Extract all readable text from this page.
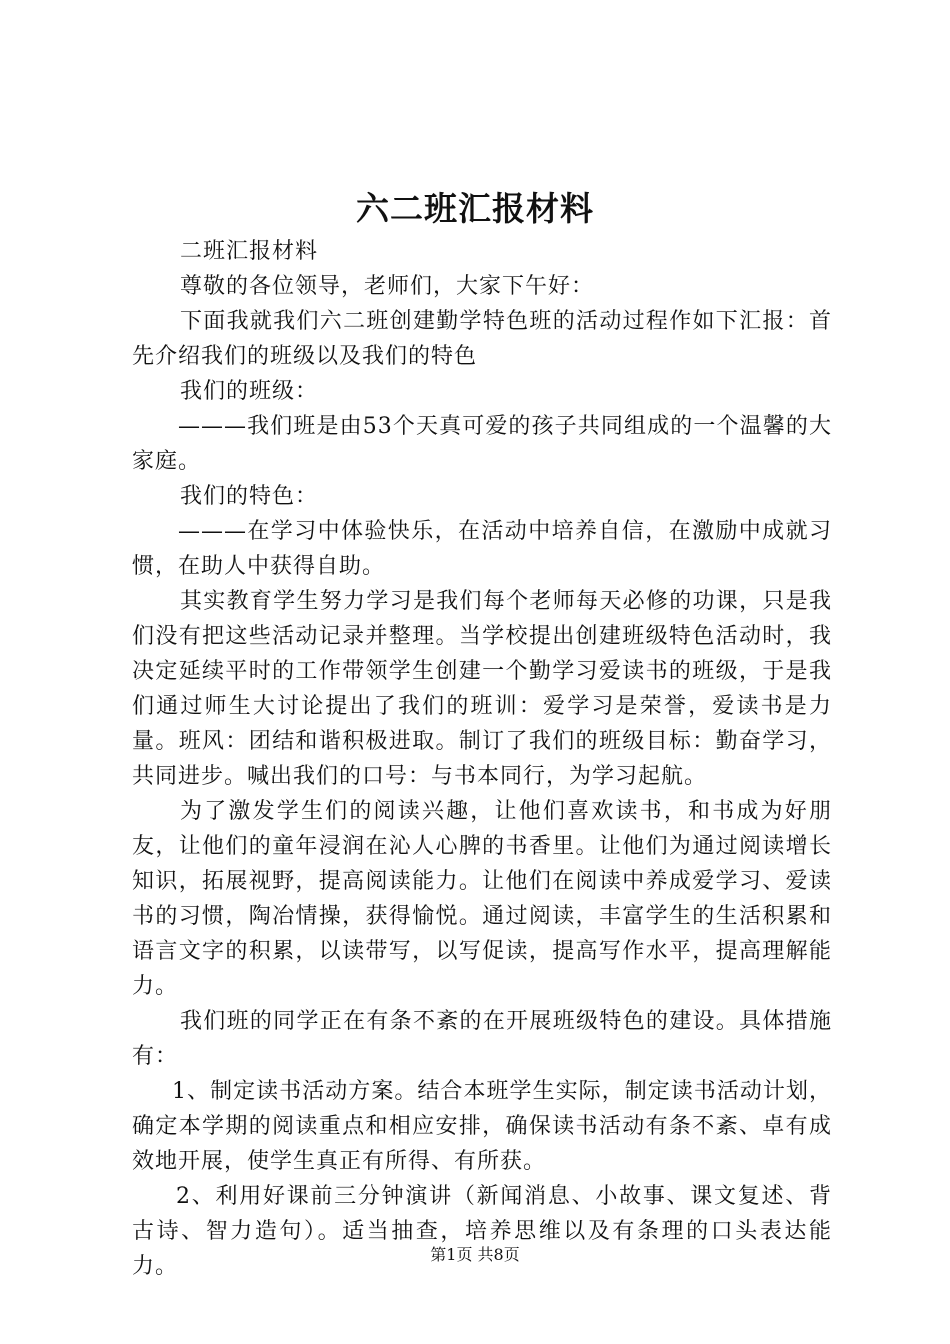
六二班汇报材料

二班汇报材料

尊敬的各位领导，老师们，大家下午好：

下面我就我们六二班创建勤学特色班的活动过程作如下汇报：首先介绍我们的班级以及我们的特色

我们的班级：

———我们班是由53个天真可爱的孩子共同组成的一个温馨的大家庭。

我们的特色：

———在学习中体验快乐，在活动中培养自信，在激励中成就习惯，在助人中获得自助。

其实教育学生努力学习是我们每个老师每天必修的功课，只是我们没有把这些活动记录并整理。当学校提出创建班级特色活动时，我决定延续平时的工作带领学生创建一个勤学习爱读书的班级，于是我们通过师生大讨论提出了我们的班训：爱学习是荣誉，爱读书是力量。班风：团结和谐积极进取。制订了我们的班级目标：勤奋学习，共同进步。喊出我们的口号：与书本同行，为学习起航。

为了激发学生们的阅读兴趣，让他们喜欢读书，和书成为好朋友，让他们的童年浸润在沁人心脾的书香里。让他们为通过阅读增长知识，拓展视野，提高阅读能力。让他们在阅读中养成爱学习、爱读书的习惯，陶冶情操，获得愉悦。通过阅读，丰富学生的生活积累和语言文字的积累，以读带写，以写促读，提高写作水平，提高理解能力。

我们班的同学正在有条不紊的在开展班级特色的建设。具体措施有：

1、制定读书活动方案。结合本班学生实际，制定读书活动计划，确定本学期的阅读重点和相应安排，确保读书活动有条不紊、卓有成效地开展，使学生真正有所得、有所获。

2、利用好课前三分钟演讲（新闻消息、小故事、课文复述、背古诗、智力造句）。适当抽查，培养思维以及有条理的口头表达能力。	第1页 共8页
